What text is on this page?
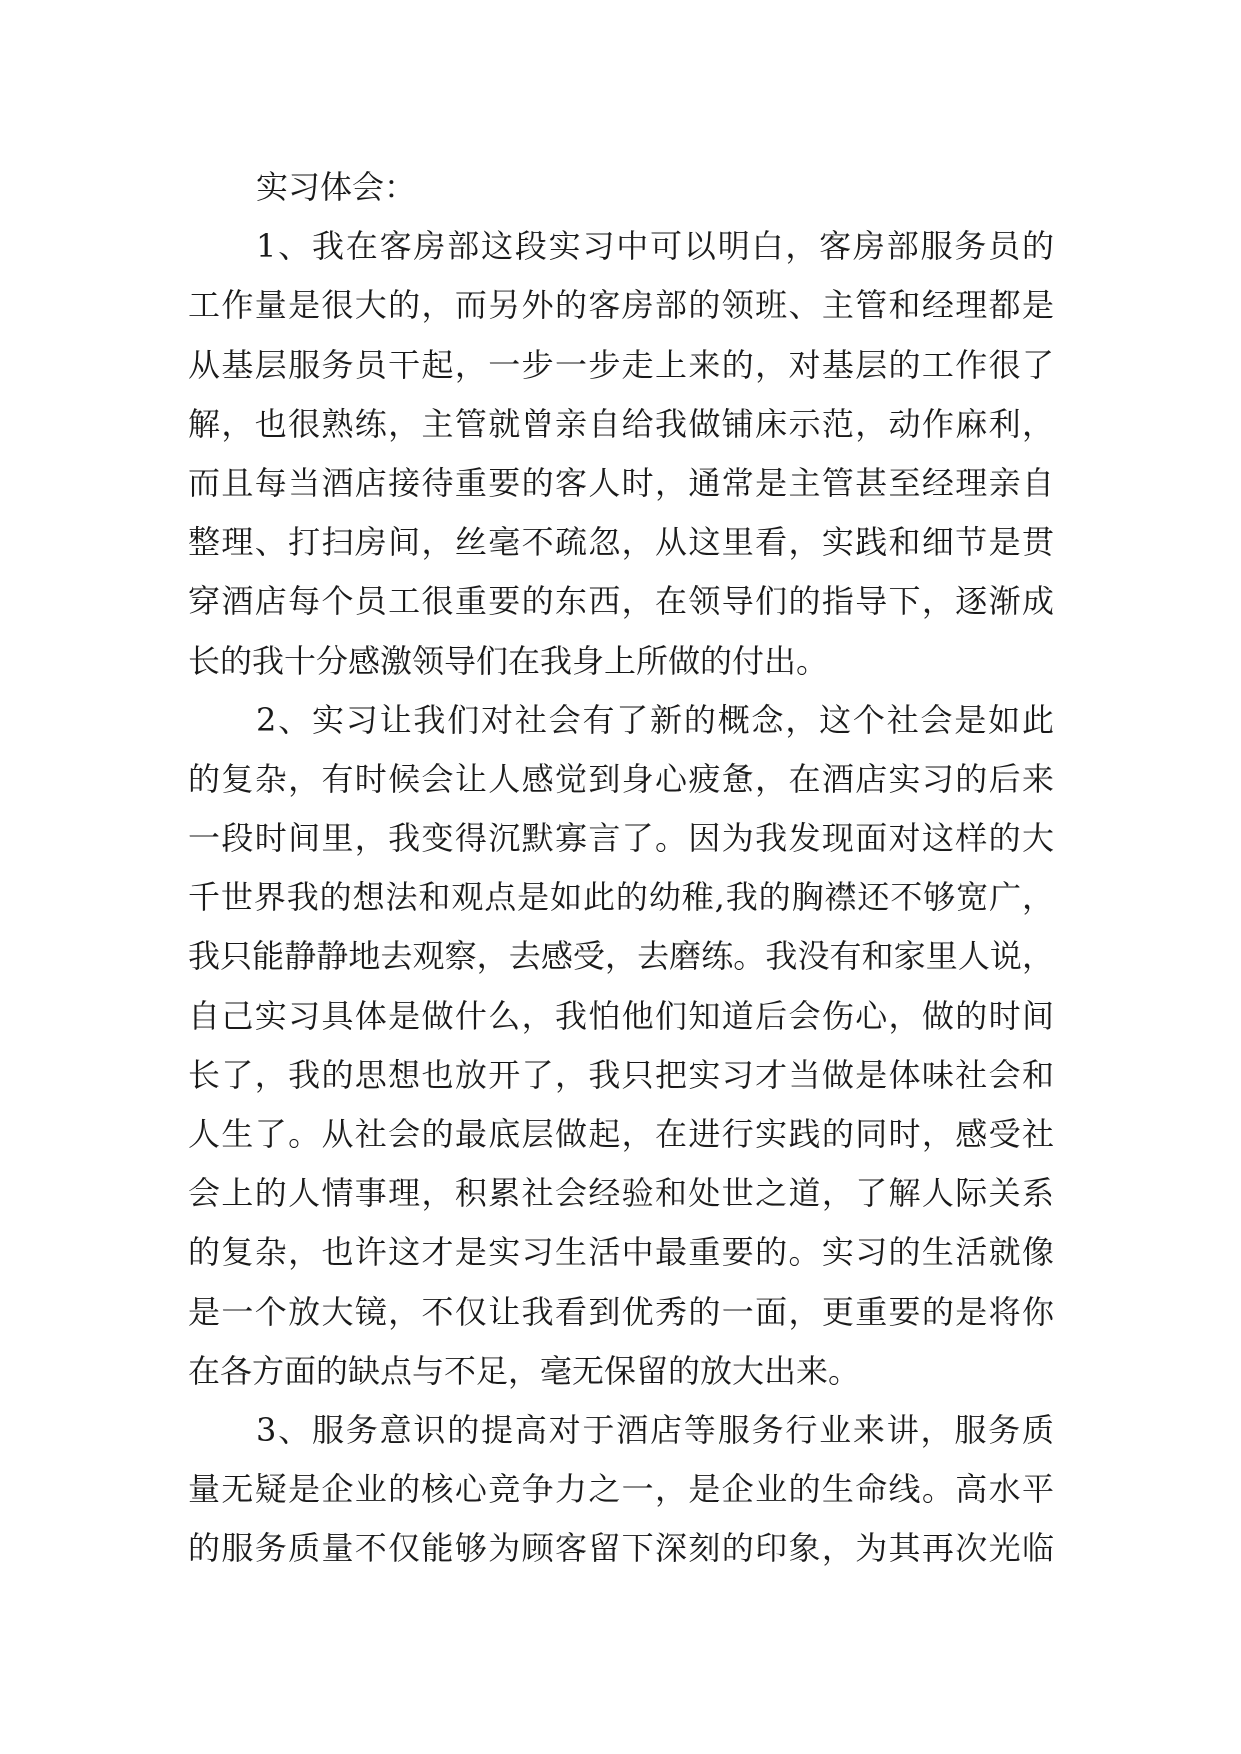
实习体会：
1、我在客房部这段实习中可以明白，客房部服务员的
工作量是很大的，而另外的客房部的领班、主管和经理都是
从基层服务员干起，一步一步走上来的，对基层的工作很了
解，也很熟练，主管就曾亲自给我做铺床示范，动作麻利，
而且每当酒店接待重要的客人时，通常是主管甚至经理亲自
整理、打扫房间，丝毫不疏忽，从这里看，实践和细节是贯
穿酒店每个员工很重要的东西，在领导们的指导下，逐渐成
长的我十分感激领导们在我身上所做的付出。
2、实习让我们对社会有了新的概念，这个社会是如此
的复杂，有时候会让人感觉到身心疲惫，在酒店实习的后来
一段时间里，我变得沉默寡言了。因为我发现面对这样的大
千世界我的想法和观点是如此的幼稚,我的胸襟还不够宽广，
我只能静静地去观察，去感受，去磨练。我没有和家里人说，
自己实习具体是做什么，我怕他们知道后会伤心，做的时间
长了，我的思想也放开了，我只把实习才当做是体味社会和
人生了。从社会的最底层做起，在进行实践的同时，感受社
会上的人情事理，积累社会经验和处世之道，了解人际关系
的复杂，也许这才是实习生活中最重要的。实习的生活就像
是一个放大镜，不仅让我看到优秀的一面，更重要的是将你
在各方面的缺点与不足，毫无保留的放大出来。
3、服务意识的提高对于酒店等服务行业来讲，服务质
量无疑是企业的核心竞争力之一，是企业的生命线。高水平
的服务质量不仅能够为顾客留下深刻的印象，为其再次光临
